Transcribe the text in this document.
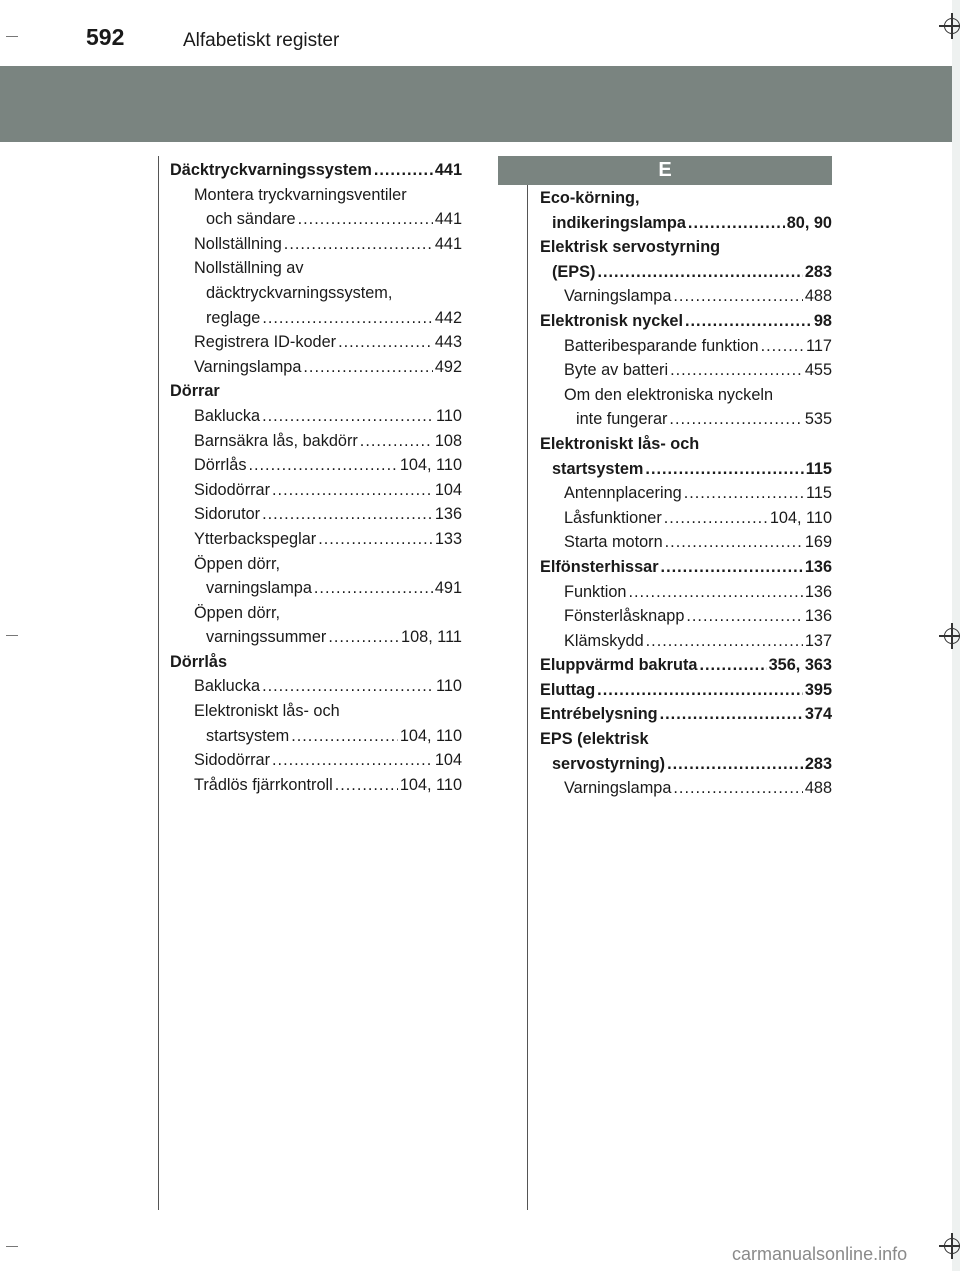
592	Alfabetiskt register
E
Däcktryckvarningssystem .....	441
Montera tryckvarningsventiler
och sändare .....	441
Nollställning .....	441
Nollställning av
däcktryckvarningssystem,
reglage .....	442
Registrera ID-koder .....	443
Varningslampa .....	492
Dörrar
Baklucka .....	110
Barnsäkra lås, bakdörr .....	108
Dörrlås .....	104, 110
Sidodörrar .....	104
Sidorutor .....	136
Ytterbackspeglar .....	133
Öppen dörr,
varningslampa .....	491
Öppen dörr,
varningssummer .....	108, 111
Dörrlås
Baklucka .....	110
Elektroniskt lås- och
startsystem .....	104, 110
Sidodörrar .....	104
Trådlös fjärrkontroll .....	104, 110
Eco-körning,
indikeringslampa .....	80, 90
Elektrisk servostyrning
(EPS) .....	283
Varningslampa .....	488
Elektronisk nyckel .....	98
Batteribesparande funktion .....	117
Byte av batteri .....	455
Om den elektroniska nyckeln
inte fungerar .....	535
Elektroniskt lås- och
startsystem .....	115
Antennplacering .....	115
Låsfunktioner .....	104, 110
Starta motorn .....	169
Elfönsterhissar .....	136
Funktion .....	136
Fönsterlåsknapp .....	136
Klämskydd .....	137
Eluppvärmd bakruta .....	356, 363
Eluttag .....	395
Entrébelysning .....	374
EPS (elektrisk
servostyrning) .....	283
Varningslampa .....	488
carmanualsonline.info
